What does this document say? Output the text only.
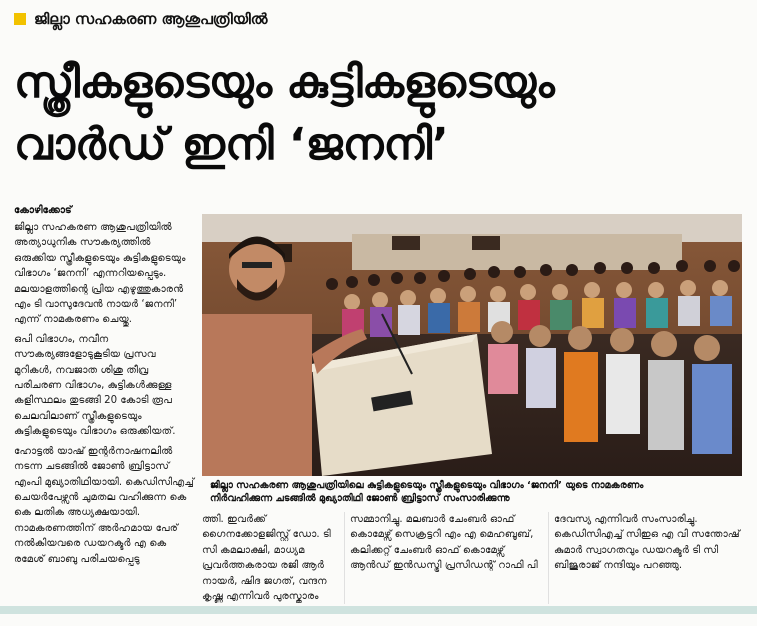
ജില്ലാ സഹകരണ ആശുപത്രിയിൽ
സ്ത്രീകളുടെയും കുട്ടികളുടെയും
വാർഡ് ഇനി ‘ജനനി’
കോഴിക്കോട്

ജില്ലാ സഹകരണ ആശുപത്രിയിൽ അത്യാധുനിക സൗകര്യത്തിൽ ഒരുക്കിയ സ്ത്രീകളുടെയും കുട്ടികളുടെയും വിഭാഗം ‘ജനനി’ എന്നറിയപ്പെടും. മലയാളത്തിന്റെ പ്രിയ എഴുത്തുകാരൻ എം ടി വാസുദേവൻ നായർ ‘ജനനി’ എന്ന് നാമകരണം ചെയ്തു.

ഒപി വിഭാഗം, നവീന സൗകര്യങ്ങളോടുകൂടിയ പ്രസവ മുറികൾ, നവജാത ശിശു തീവ്ര പരിചരണ വിഭാഗം, കുട്ടികൾക്കുള്ള കളിസ്ഥലം തുടങ്ങി 20 കോടി രൂപ ചെലവിലാണ് സ്ത്രീകളുടെയും കുട്ടികളുടെയും വിഭാഗം ഒരുക്കിയത്.

ഹോട്ടൽ യാഷ് ഇന്റർനാഷനലിൽ നടന്ന ചടങ്ങിൽ ജോൺ ബ്രിട്ടാസ് എംപി മുഖ്യാതിഥിയായി. കെഡിസിഎച്ച് ചെയർപേഴ്സൻ ചുമതല വഹിക്കുന്ന കെ കെ ലതിക അധ്യക്ഷയായി. നാമകരണത്തിന് അർഹമായ പേര് നൽകിയവരെ ഡയറക്ടർ എ കെ രമേശ് ബാബു പരിചയപ്പെടു

ജില്ലാ സഹകരണ ആശുപത്രിയിലെ കുട്ടികളുടെയും സ്ത്രീകളുടെയും വിഭാഗം ‘ജനനി’ യുടെ നാമകരണം
നിർവഹിക്കുന്ന ചടങ്ങിൽ മുഖ്യാതിഥി ജോൺ ബ്രിട്ടാസ് സംസാരിക്കുന്നു
ത്തി. ഇവർക്ക് ഗൈനക്കോളജിസ്റ്റ് ഡോ. ടി സി കമലാക്ഷി, മാധ്യമ പ്രവർത്തകരായ രജി ആർ നായർ, ഷിദ ജഗത്, വന്ദന കൃഷ്ണ എന്നിവർ പുരസ്കാരം
സമ്മാനിച്ചു. മലബാർ ചേംബർ ഓഫ് കൊമേഴ്സ് സെക്രട്ടറി എം എ മെഹബൂബ്, കലിക്കറ്റ് ചേംബർ ഓഫ് കൊമേഴ്സ് ആൻഡ് ഇൻഡസ്ട്രി പ്രസിഡന്റ് റാഫി പി
ദേവസ്യ എന്നിവർ സംസാരിച്ചു. കെഡിസിഎച്ച് സിഇഒ എ വി സന്തോഷ് കുമാർ സ്വാഗതവും ഡയറക്ടർ ടി സി ബിജുരാജ് നന്ദിയും പറഞ്ഞു.
